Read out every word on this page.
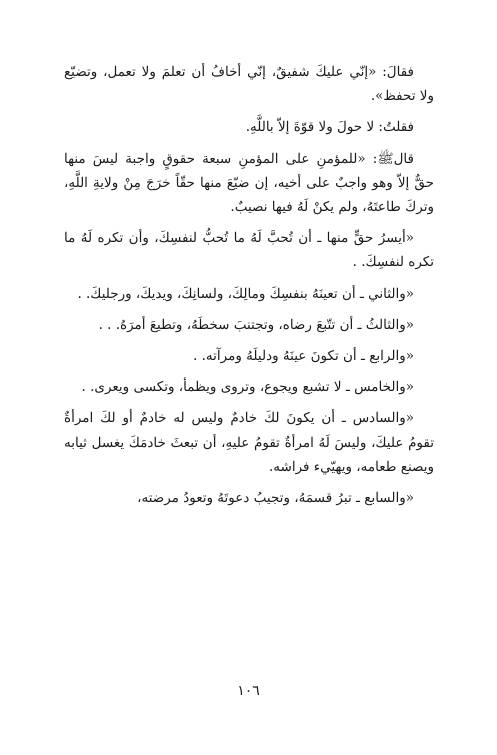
فقالَ: «إنّي عليكَ شفيقٌ، إنّي أخافُ أن تعلمَ ولا تعمل، وتضيّع ولا تحفظ».

فقلتُ: لا حولَ ولا قوّةَ إلاّ باللَّهِ.

قالﷺ: «للمؤمنِ على المؤمنِ سبعة حقوقٍ واجبة ليسَ منها حقٌّ إلاّ وهو واجبٌ على أخيه، إن ضيّعَ منها حقّاً خرَجَ مِنْ ولايةِ اللَّهِ، وتركَ طاعتَهُ، ولم يكنْ لَهُ فيها نصيبٌ.

«أيسرُ حقٍّ منها ـ أن تُحبَّ لَهُ ما تُحبُّ لنفسِكَ، وأن تكره لَهُ ما تكره لنفسِكَ. .

«والثاني ـ أن تعينَهُ بنفسِكَ ومالِكَ، ولسانِكَ، ويديكَ، ورجليكَ. .

«والثالثُ ـ أن تتّبعَ رضاه، وتجتنبَ سخطَهُ، وتطيعَ أمرَهُ. . .

«والرابع ـ أن تكونَ عينَهُ ودليلَهُ ومرآته. .

«والخامس ـ لا تشبع ويجوع، وتروى ويظمأ، وتكسى ويعرى. .

«والسادس ـ أن يكونَ لكَ خادمٌ وليس له خادمٌ أو لكَ امرأةٌ تقومُ عليكَ، وليسَ لَهُ امرأةٌ تقومُ عليهِ، أن تبعثَ خادمَكَ يغسل ثيابه ويصنع طعامه، ويهيّيء فراشه.

«والسابع ـ تبرُ قسمَهُ، وتجيبُ دعوتَهُ وتعودُ مرضته،

١٠٦
